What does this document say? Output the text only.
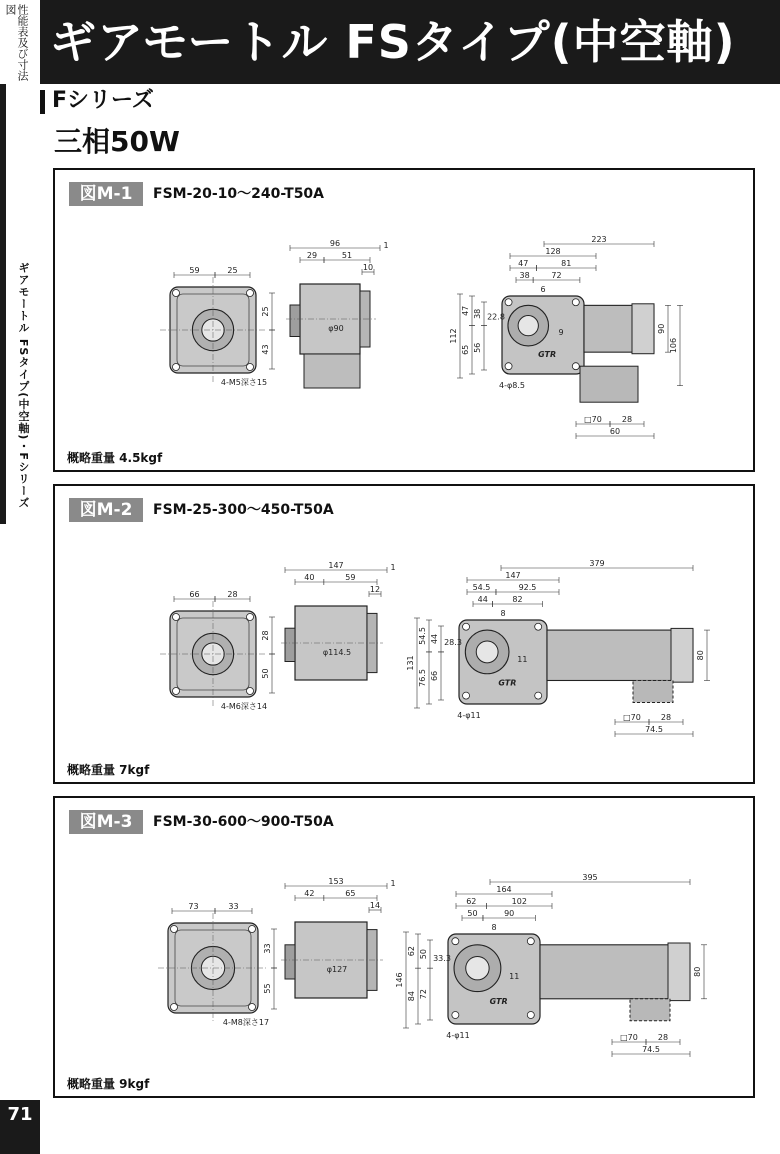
性能表及び寸法図
ギアモートル FSタイプ(中空軸)
ギアモートル FSタイプ(中空軸)・Fシリーズ
Fシリーズ
三相50W
図M-1	FSM-20-10～240-T50A
概略重量 4.5kgf
59	25
25
43
4-M5深さ15
φ90
96
29	51
10
1
GTR
223
128
47	81
38	72
6
47 38 22.8
112
65 56
9	90
106
4-φ8.5
□70	28
60
図M-2	FSM-25-300～450-T50A
概略重量 7kgf
66	28
28
50
4-M6深さ14
φ114.5
147
40	59
12
1
GTR
379
147
54.5	92.5
44	82
8
54.5 44 28.3
131
76.5 66
11	80
4-φ11	□70	28
74.5
図M-3	FSM-30-600～900-T50A
概略重量 9kgf
73	33
33
55
4-M8深さ17
φ127
153
42	65
14
1
GTR
395
164
62	102
50	90
8
62 50 33.3
146
84 72
11	80
4-φ11	□70	28
74.5
71
